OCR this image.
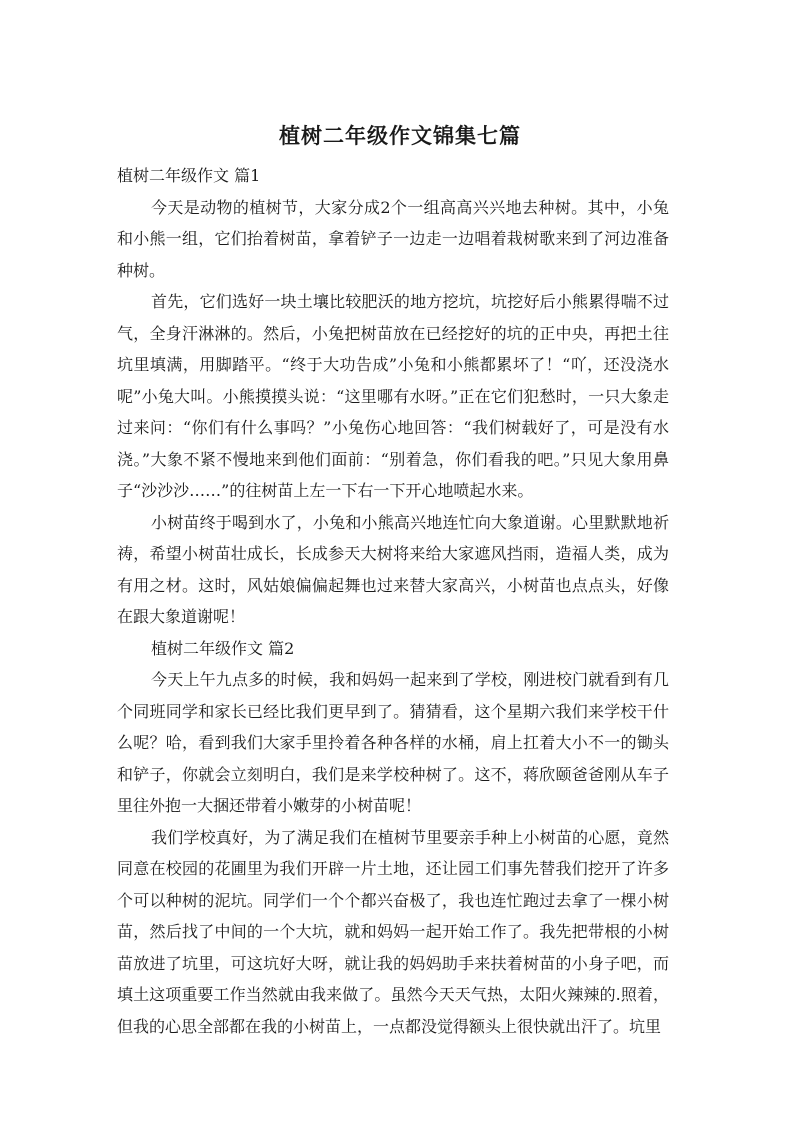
植树二年级作文锦集七篇

植树二年级作文 篇1

今天是动物的植树节，大家分成2个一组高高兴兴地去种树。其中，小兔和小熊一组，它们抬着树苗，拿着铲子一边走一边唱着栽树歌来到了河边准备种树。

首先，它们选好一块土壤比较肥沃的地方挖坑，坑挖好后小熊累得喘不过气，全身汗淋淋的。然后，小兔把树苗放在已经挖好的坑的正中央，再把土往坑里填满，用脚踏平。“终于大功告成”小兔和小熊都累坏了！“吖，还没浇水呢”小兔大叫。小熊摸摸头说：“这里哪有水呀。”正在它们犯愁时，一只大象走过来问：“你们有什么事吗？”小兔伤心地回答：“我们树载好了，可是没有水浇。”大象不紧不慢地来到他们面前：“别着急，你们看我的吧。”只见大象用鼻子“沙沙沙……”的往树苗上左一下右一下开心地喷起水来。

小树苗终于喝到水了，小兔和小熊高兴地连忙向大象道谢。心里默默地祈祷，希望小树苗壮成长，长成参天大树将来给大家遮风挡雨，造福人类，成为有用之材。这时，风姑娘偏偏起舞也过来替大家高兴，小树苗也点点头，好像在跟大象道谢呢！

植树二年级作文 篇2

今天上午九点多的时候，我和妈妈一起来到了学校，刚进校门就看到有几个同班同学和家长已经比我们更早到了。猜猜看，这个星期六我们来学校干什么呢？哈，看到我们大家手里拎着各种各样的水桶，肩上扛着大小不一的锄头和铲子，你就会立刻明白，我们是来学校种树了。这不，蒋欣颐爸爸刚从车子里往外抱一大捆还带着小嫩芽的小树苗呢！

我们学校真好，为了满足我们在植树节里要亲手种上小树苗的心愿，竟然同意在校园的花圃里为我们开辟一片土地，还让园工们事先替我们挖开了许多个可以种树的泥坑。同学们一个个都兴奋极了，我也连忙跑过去拿了一棵小树苗，然后找了中间的一个大坑，就和妈妈一起开始工作了。我先把带根的小树苗放进了坑里，可这坑好大呀，就让我的妈妈助手来扶着树苗的小身子吧，而填土这项重要工作当然就由我来做了。虽然今天天气热，太阳火辣辣的.照着，但我的心思全部都在我的小树苗上，一点都没觉得额头上很快就出汗了。坑里
